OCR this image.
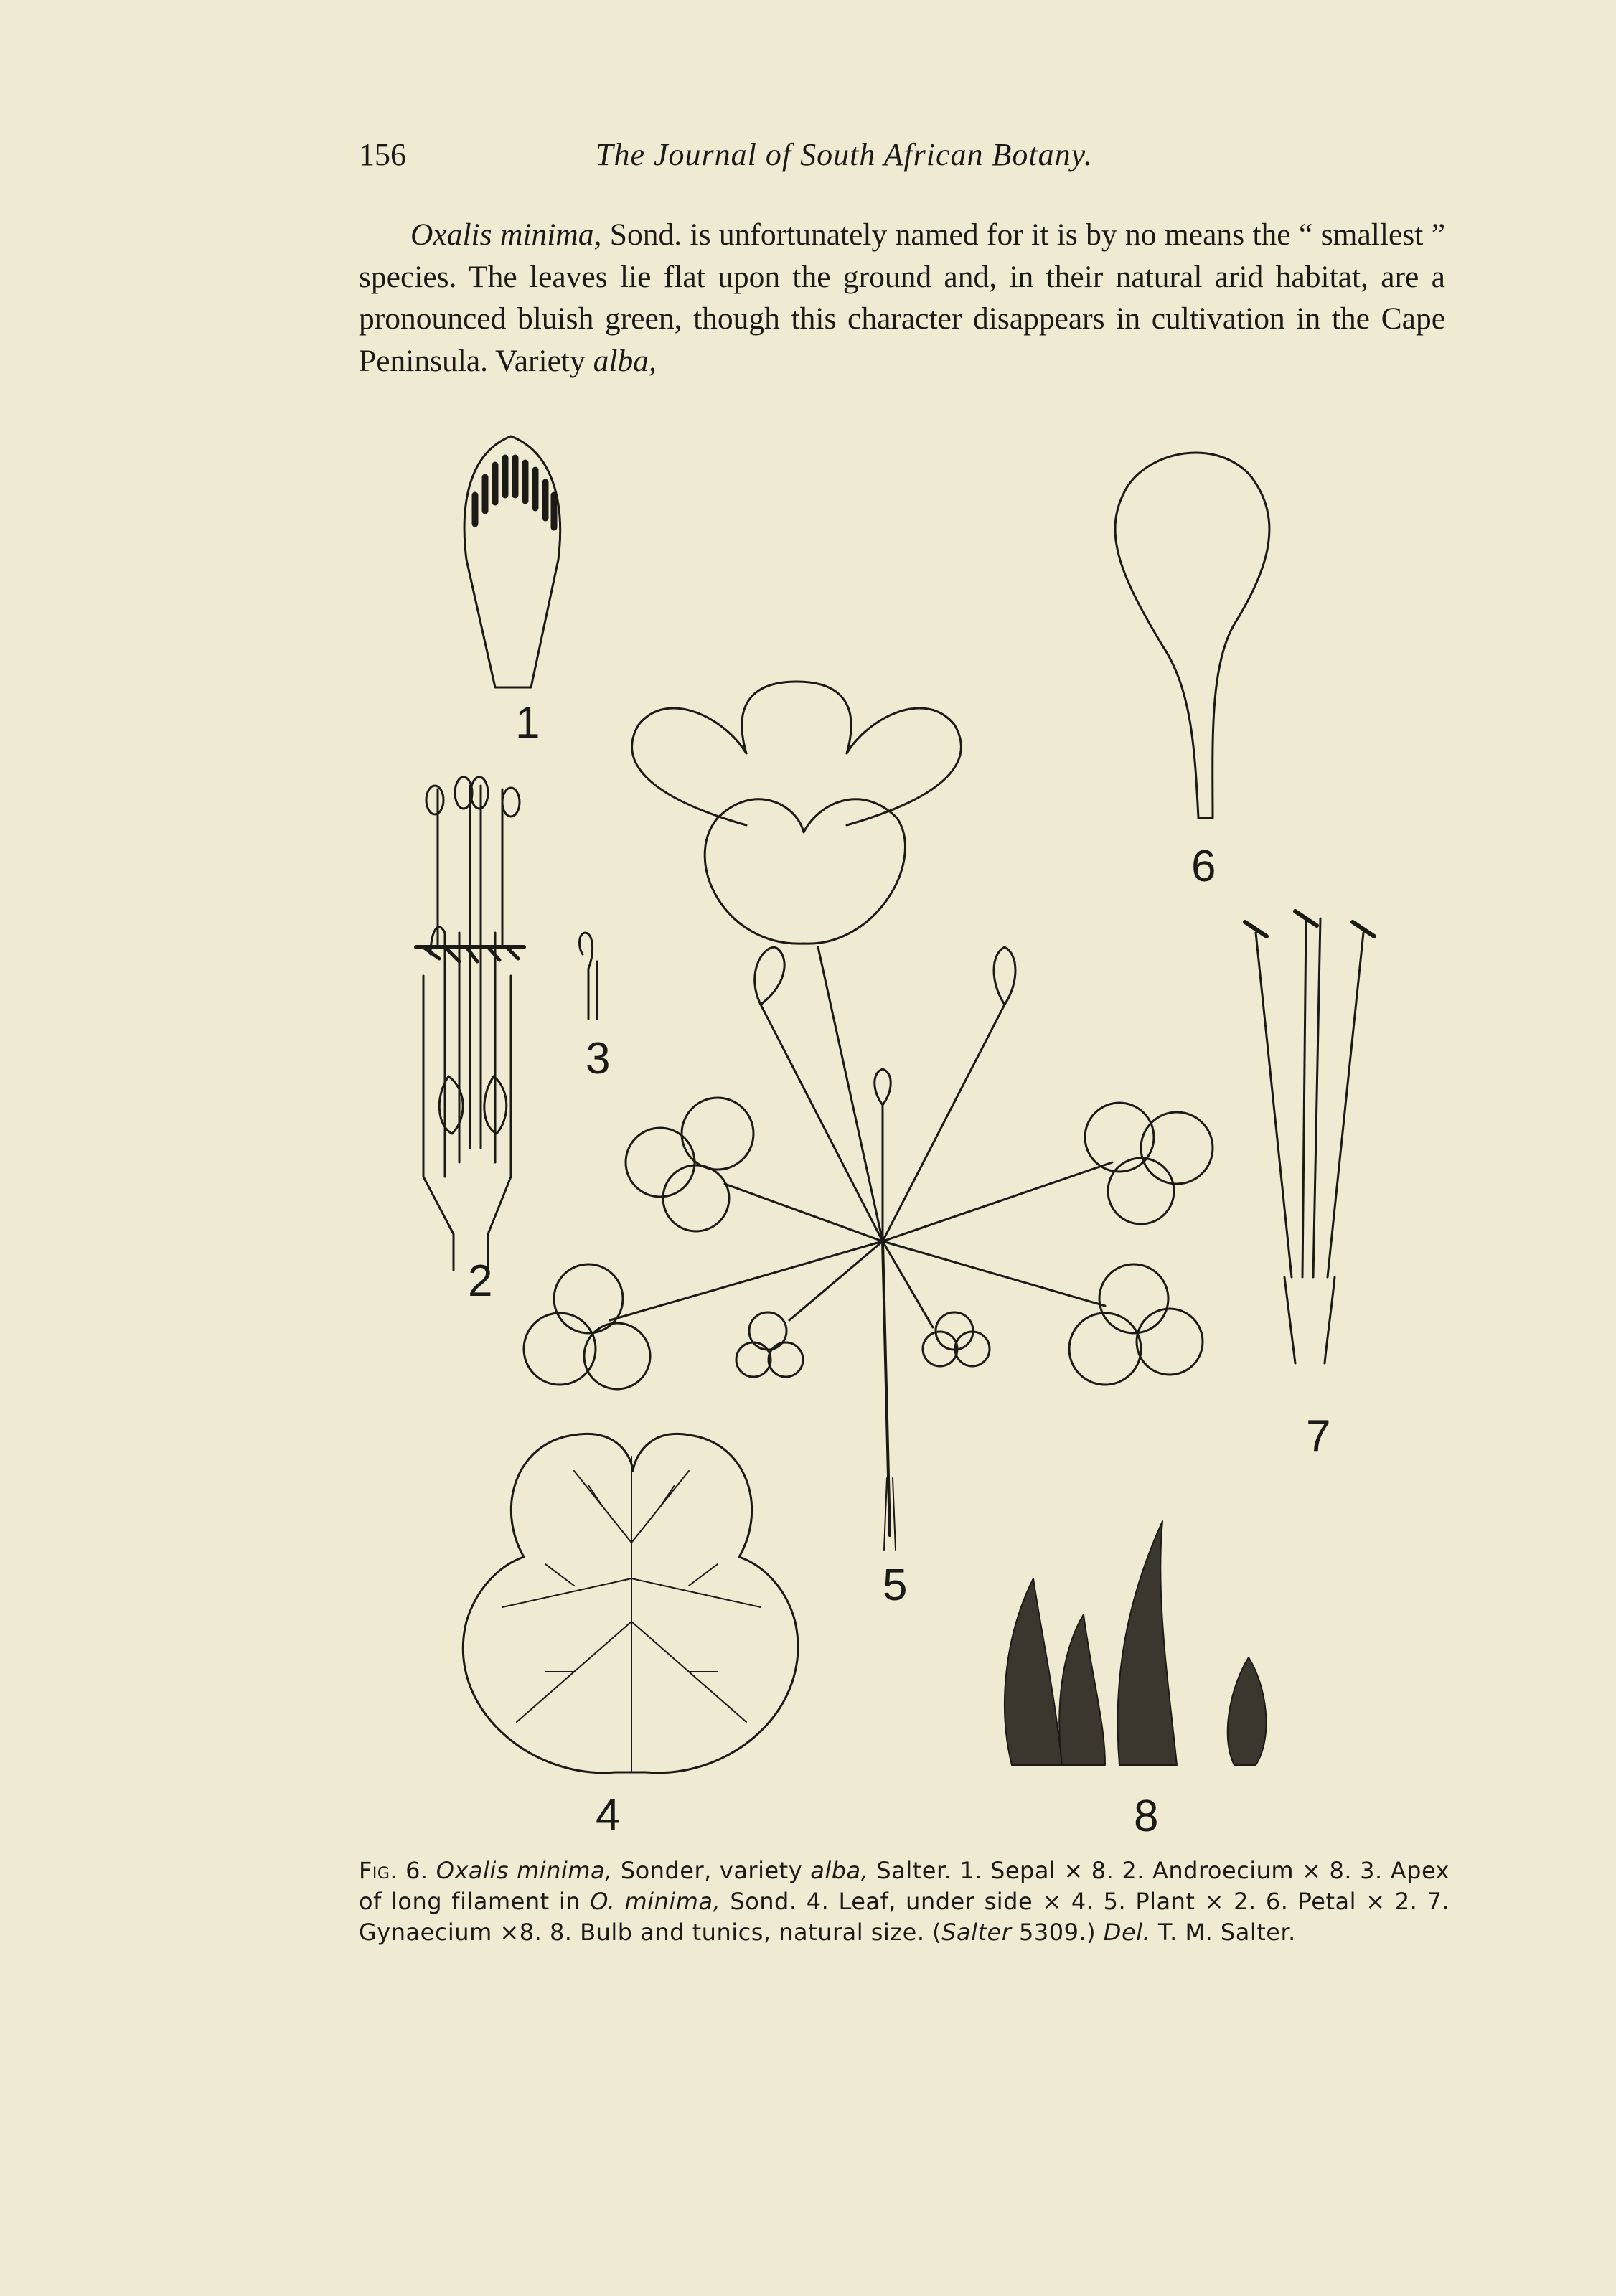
156	The Journal of South African Botany.

Oxalis minima, Sond. is unfortunately named for it is by no means the “ smallest ” species. The leaves lie flat upon the ground and, in their natural arid habitat, are a pronounced bluish green, though this character disappears in cultivation in the Cape Peninsula. Variety alba,

1
2
3
4
5
6
7
8
Fig. 6. Oxalis minima, Sonder, variety alba, Salter. 1. Sepal × 8. 2. Androecium × 8. 3. Apex of long filament in O. minima, Sond. 4. Leaf, under side × 4. 5. Plant × 2. 6. Petal × 2. 7. Gynaecium ×8. 8. Bulb and tunics, natural size. (Salter 5309.) Del. T. M. Salter.
